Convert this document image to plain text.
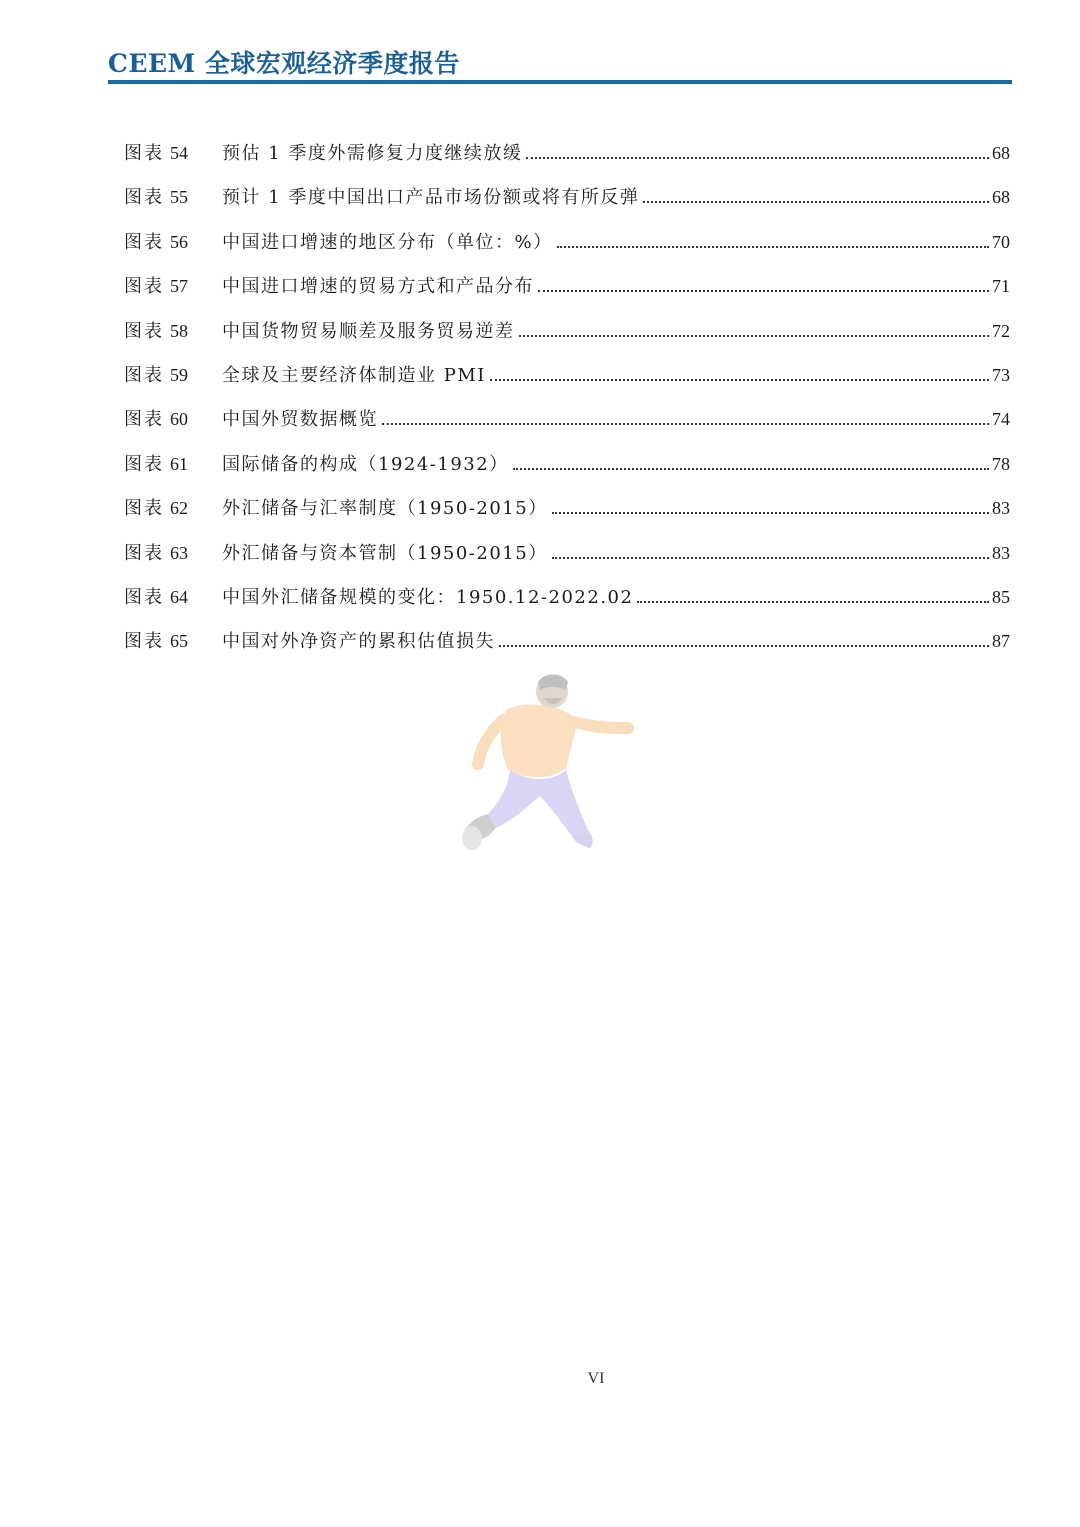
CEEM 全球宏观经济季度报告
图表 54	预估 1 季度外需修复力度继续放缓	68
图表 55	预计 1 季度中国出口产品市场份额或将有所反弹	68
图表 56	中国进口增速的地区分布（单位：%）	70
图表 57	中国进口增速的贸易方式和产品分布	71
图表 58	中国货物贸易顺差及服务贸易逆差	72
图表 59	全球及主要经济体制造业 PMI	73
图表 60	中国外贸数据概览	74
图表 61	国际储备的构成（1924-1932）	78
图表 62	外汇储备与汇率制度（1950-2015）	83
图表 63	外汇储备与资本管制（1950-2015）	83
图表 64	中国外汇储备规模的变化：1950.12-2022.02	85
图表 65	中国对外净资产的累积估值损失	87
VI
